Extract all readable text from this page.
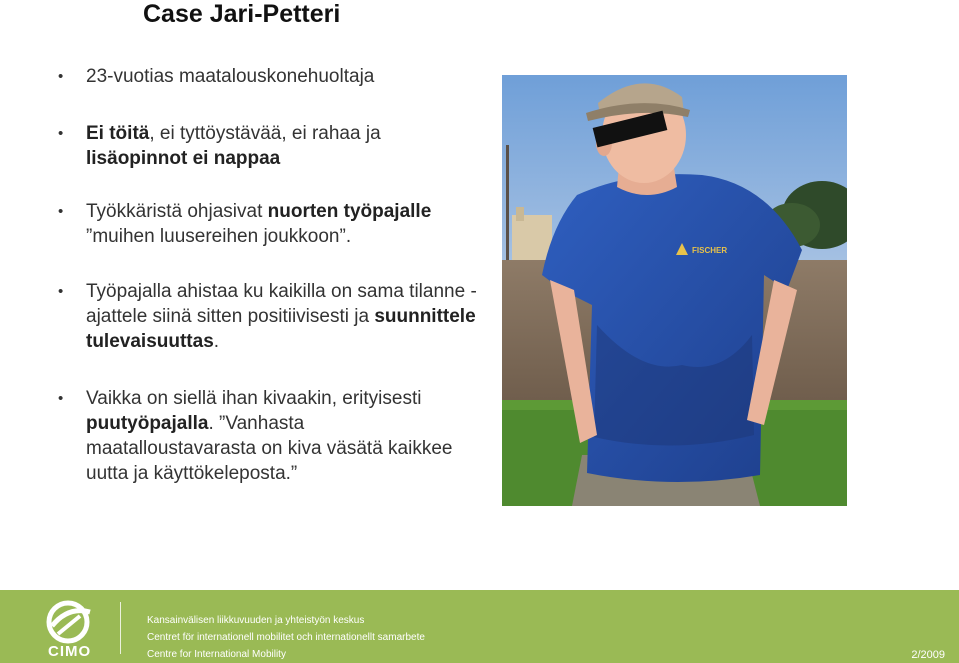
Case Jari-Petteri
• 23-vuotias maatalouskonehuoltaja
• Ei töitä, ei tyttöystävää, ei rahaa ja lisäopinnot ei nappaa
• Työkkäristä ohjasivat nuorten työpajalle ”muihen luusereihen joukkoon”.
• Työpajalla ahistaa ku kaikilla on sama tilanne - ajattele siinä sitten positiivisesti ja suunnittele tulevaisuuttas.
• Vaikka on siellä ihan kivaakin, erityisesti puutyöpajalla. ”Vanhasta maatalloustavarasta on kiva väsätä kaikkee uutta ja käyttökeleposta.”
FISCHER
CIMO
Kansainvälisen liikkuvuuden ja yhteistyön keskus
Centret för internationell mobilitet och internationellt samarbete
Centre for International Mobility	2/2009
